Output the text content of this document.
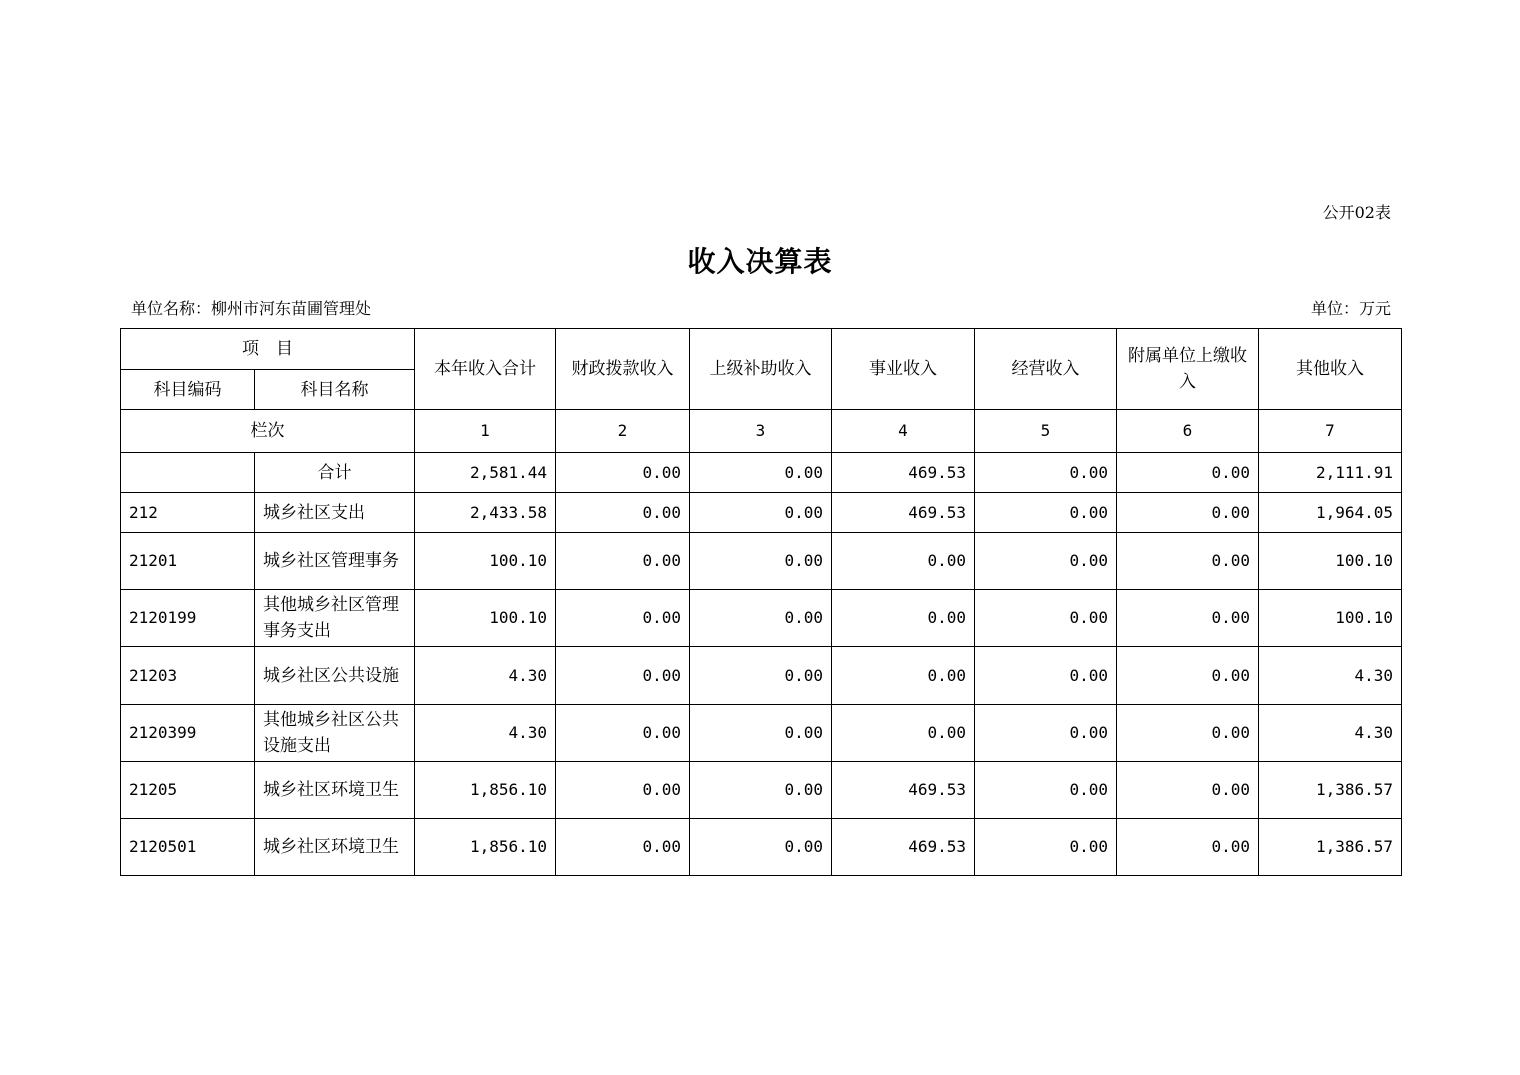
公开02表
收入决算表
单位名称：柳州市河东苗圃管理处	单位：万元
项　目		本年收入合计	财政拨款收入	上级补助收入	事业收入	经营收入	附属单位上缴收入	其他收入
科目编码	科目名称							
栏次		1	2	3	4	5	6	7
	合计	2,581.44	0.00	0.00	469.53	0.00	0.00	2,111.91
212	城乡社区支出	2,433.58	0.00	0.00	469.53	0.00	0.00	1,964.05
21201	城乡社区管理事务	100.10	0.00	0.00	0.00	0.00	0.00	100.10
2120199	其他城乡社区管理事务支出	100.10	0.00	0.00	0.00	0.00	0.00	100.10
21203	城乡社区公共设施	4.30	0.00	0.00	0.00	0.00	0.00	4.30
2120399	其他城乡社区公共设施支出	4.30	0.00	0.00	0.00	0.00	0.00	4.30
21205	城乡社区环境卫生	1,856.10	0.00	0.00	469.53	0.00	0.00	1,386.57
2120501	城乡社区环境卫生	1,856.10	0.00	0.00	469.53	0.00	0.00	1,386.57
